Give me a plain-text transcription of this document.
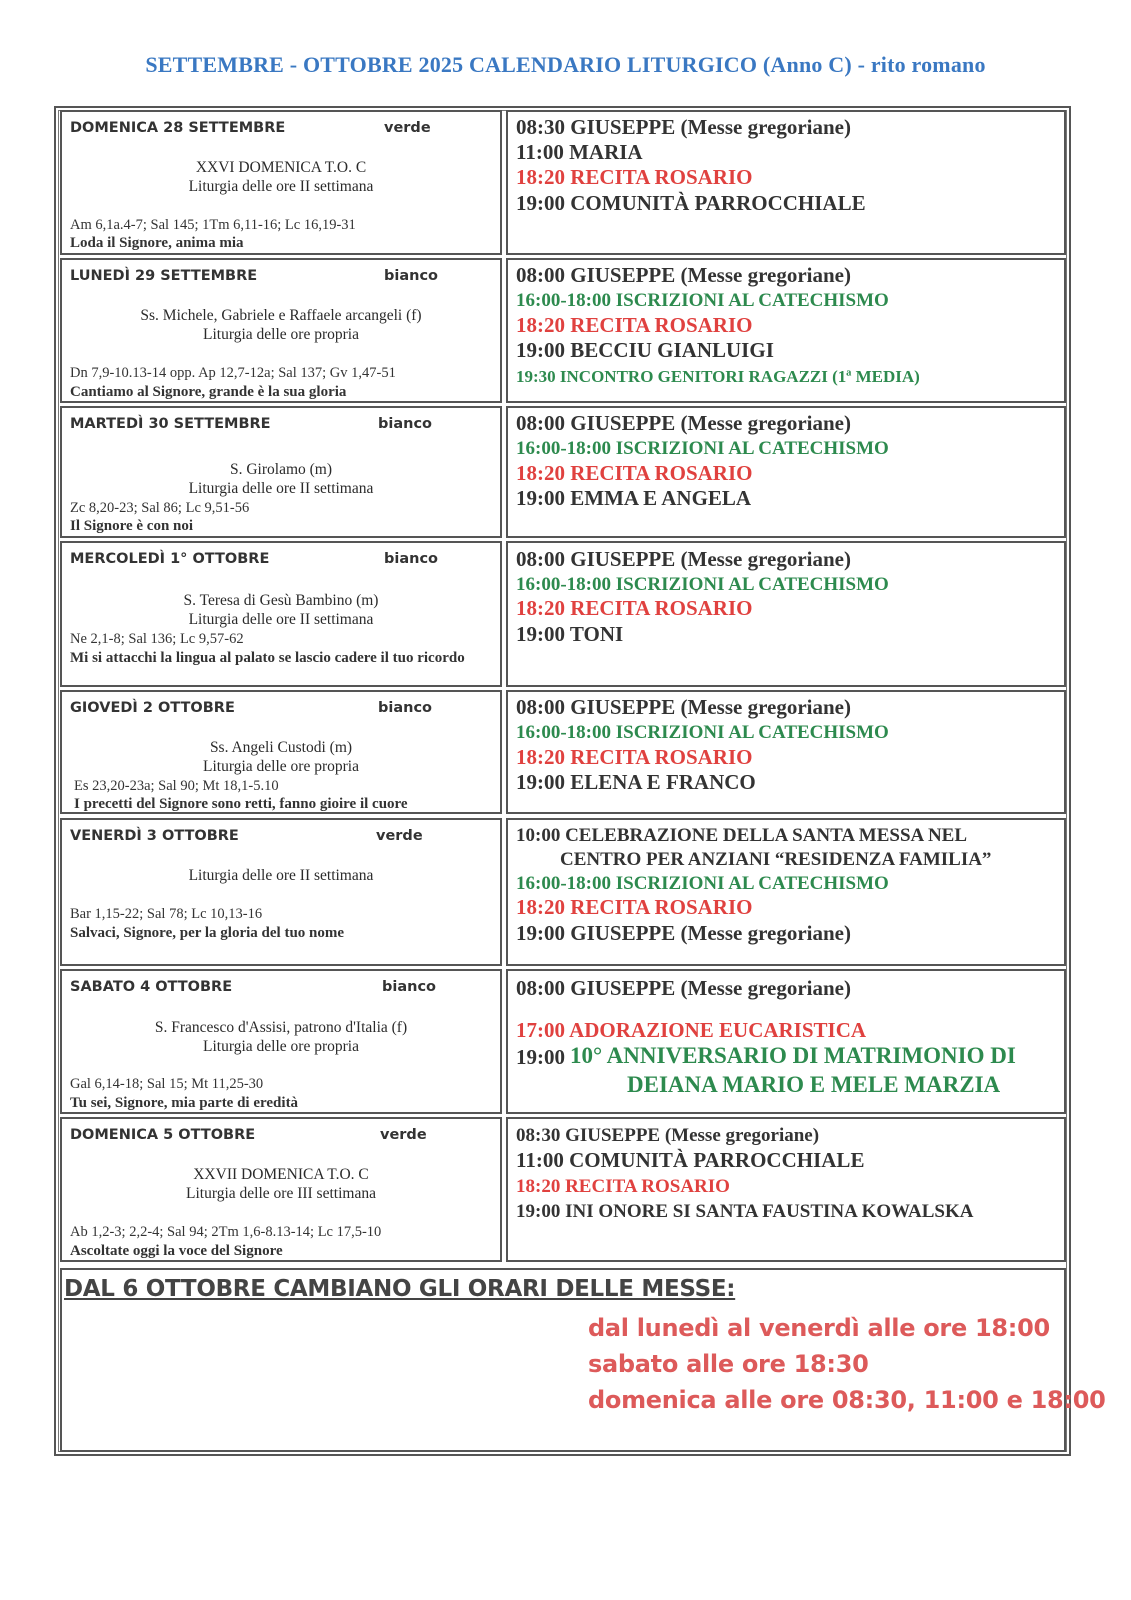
SETTEMBRE - OTTOBRE 2025 CALENDARIO LITURGICO (Anno C) - rito romano
DOMENICA 28 SETTEMBRE	verde
XXVI DOMENICA T.O. C
Liturgia delle ore II settimana
Am 6,1a.4-7; Sal 145; 1Tm 6,11-16; Lc 16,19-31
Loda il Signore, anima mia
08:30 GIUSEPPE (Messe gregoriane)
11:00 MARIA
18:20 RECITA ROSARIO
19:00 COMUNITÀ PARROCCHIALE
LUNEDÌ 29 SETTEMBRE	bianco
Ss. Michele, Gabriele e Raffaele arcangeli (f)
Liturgia delle ore propria
Dn 7,9-10.13-14 opp. Ap 12,7-12a; Sal 137; Gv 1,47-51
Cantiamo al Signore, grande è la sua gloria
08:00 GIUSEPPE (Messe gregoriane)
16:00-18:00 ISCRIZIONI AL CATECHISMO
18:20 RECITA ROSARIO
19:00 BECCIU GIANLUIGI
19:30 INCONTRO GENITORI RAGAZZI (1ª MEDIA)
MARTEDÌ 30 SETTEMBRE	bianco
S. Girolamo (m)
Liturgia delle ore II settimana
Zc 8,20-23; Sal 86; Lc 9,51-56
Il Signore è con noi
08:00 GIUSEPPE (Messe gregoriane)
16:00-18:00 ISCRIZIONI AL CATECHISMO
18:20 RECITA ROSARIO
19:00 EMMA E ANGELA
MERCOLEDÌ 1° OTTOBRE	bianco
S. Teresa di Gesù Bambino (m)
Liturgia delle ore II settimana
Ne 2,1-8; Sal 136; Lc 9,57-62
Mi si attacchi la lingua al palato se lascio cadere il tuo ricordo
08:00 GIUSEPPE (Messe gregoriane)
16:00-18:00 ISCRIZIONI AL CATECHISMO
18:20 RECITA ROSARIO
19:00 TONI
GIOVEDÌ 2 OTTOBRE	bianco
Ss. Angeli Custodi (m)
Liturgia delle ore propria
Es 23,20-23a; Sal 90; Mt 18,1-5.10
I precetti del Signore sono retti, fanno gioire il cuore
08:00 GIUSEPPE (Messe gregoriane)
16:00-18:00 ISCRIZIONI AL CATECHISMO
18:20 RECITA ROSARIO
19:00 ELENA E FRANCO
VENERDÌ 3 OTTOBRE	verde
Liturgia delle ore II settimana
Bar 1,15-22; Sal 78; Lc 10,13-16
Salvaci, Signore, per la gloria del tuo nome
10:00 CELEBRAZIONE DELLA SANTA MESSA NEL
CENTRO PER ANZIANI “RESIDENZA FAMILIA”
16:00-18:00 ISCRIZIONI AL CATECHISMO
18:20 RECITA ROSARIO
19:00 GIUSEPPE (Messe gregoriane)
SABATO 4 OTTOBRE	bianco
S. Francesco d'Assisi, patrono d'Italia (f)
Liturgia delle ore propria
Gal 6,14-18; Sal 15; Mt 11,25-30
Tu sei, Signore, mia parte di eredità
08:00 GIUSEPPE (Messe gregoriane)
17:00 ADORAZIONE EUCARISTICA
19:00 10° ANNIVERSARIO DI MATRIMONIO DI
DEIANA MARIO E MELE MARZIA
DOMENICA 5 OTTOBRE	verde
XXVII DOMENICA T.O. C
Liturgia delle ore III settimana
Ab 1,2-3; 2,2-4; Sal 94; 2Tm 1,6-8.13-14; Lc 17,5-10
Ascoltate oggi la voce del Signore
08:30 GIUSEPPE (Messe gregoriane)
11:00 COMUNITÀ PARROCCHIALE
18:20 RECITA ROSARIO
19:00 INI ONORE SI SANTA FAUSTINA KOWALSKA
DAL 6 OTTOBRE CAMBIANO GLI ORARI DELLE MESSE:
dal lunedì al venerdì alle ore 18:00
sabato alle ore 18:30
domenica alle ore 08:30, 11:00 e 18:00
